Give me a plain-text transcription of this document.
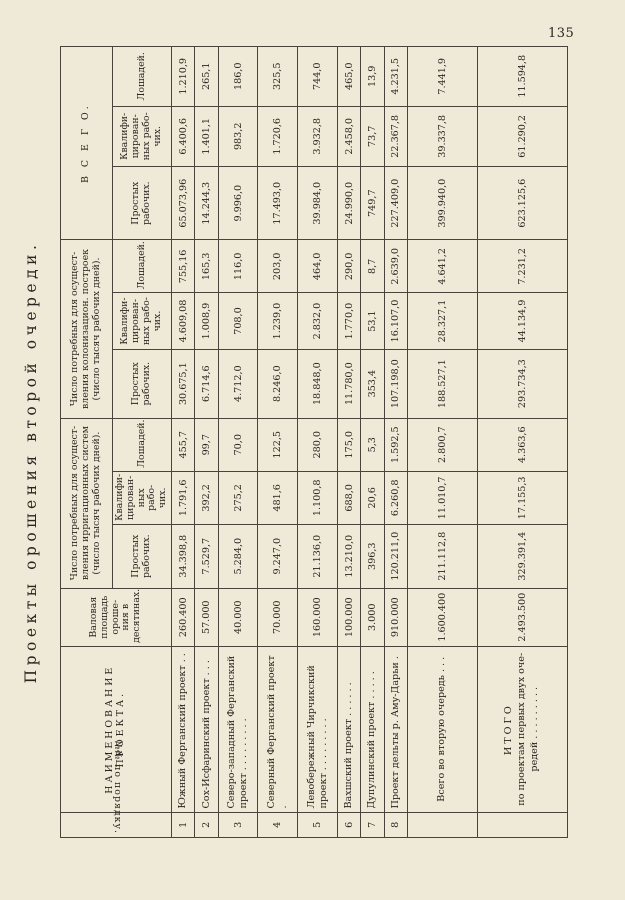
135
Проекты орошения второй очереди.
№№ по порядку.	НАИМЕНОВАНИЕ ПРОЕКТА.	Валовая площадь ороше- ния в десятинах.	Число потребных для осущест- вления ирригационных систем (число тысяч рабочих дней).			Число потребных для осущест- вления колонизацион. построек (число тысяч рабочих дней).			В С Е Г О.		
			Простых рабочих.	Квалифи- цирован- ных рабо- чих.	Лошадей.	Простых рабочих.	Квалифи- цирован- ных рабо- чих.	Лошадей.	Простых рабочих.	Квалифи- цирован- ных рабо- чих.	Лошадей.
1	Южный Ферганский проект . .	260.400	34.398,8	1.791,6	455,7	30.675,1	4.609,08	755,16	65.073,96	6.400,6	1.210,9
2	Сох-Исфаринский проект . . .	57.000	7.529,7	392,2	99,7	6.714,6	1.008,9	165,3	14.244,3	1.401,1	265,1
3	Северо-западный Ферганский проект . . . . . . . . .	40.000	5.284,0	275,2	70,0	4.712,0	708,0	116,0	9.996,0	983,2	186,0
4	Северный Ферганский проект .	70.000	9.247,0	481,6	122,5	8.246,0	1.239,0	203,0	17.493,0	1.720,6	325,5
5	Левобережный Чирчикский проект . . . . . . . . .	160.000	21.136,0	1.100,8	280,0	18.848,0	2.832,0	464,0	39.984,0	3.932,8	744,0
6	Вахшский проект . . . . . .	100.000	13.210,0	688,0	175,0	11.780,0	1.770,0	290,0	24.990,0	2.458,0	465,0
7	Дупулинский проект . . . . .	3.000	396,3	20,6	5,3	353,4	53,1	8,7	749,7	73,7	13,9
8	Проект дельты р. Аму-Дарьи .	910.000	120.211,0	6.260,8	1.592,5	107.198,0	16.107,0	2.639,0	227.409,0	22.367,8	4.231,5
	Всего во вторую очередь . . .	1.600.400	211.112,8	11.010,7	2.800,7	188.527,1	28.327,1	4.641,2	399.940,0	39.337,8	7.441,9

	ИТОГО по проектам первых двух оче- редей . . . . . . . . .	2.493.500	329.391,4	17.155,3	4.363,6	293.734,3	44.134,9	7.231,2	623.125,6	61.290,2	11.594,8
